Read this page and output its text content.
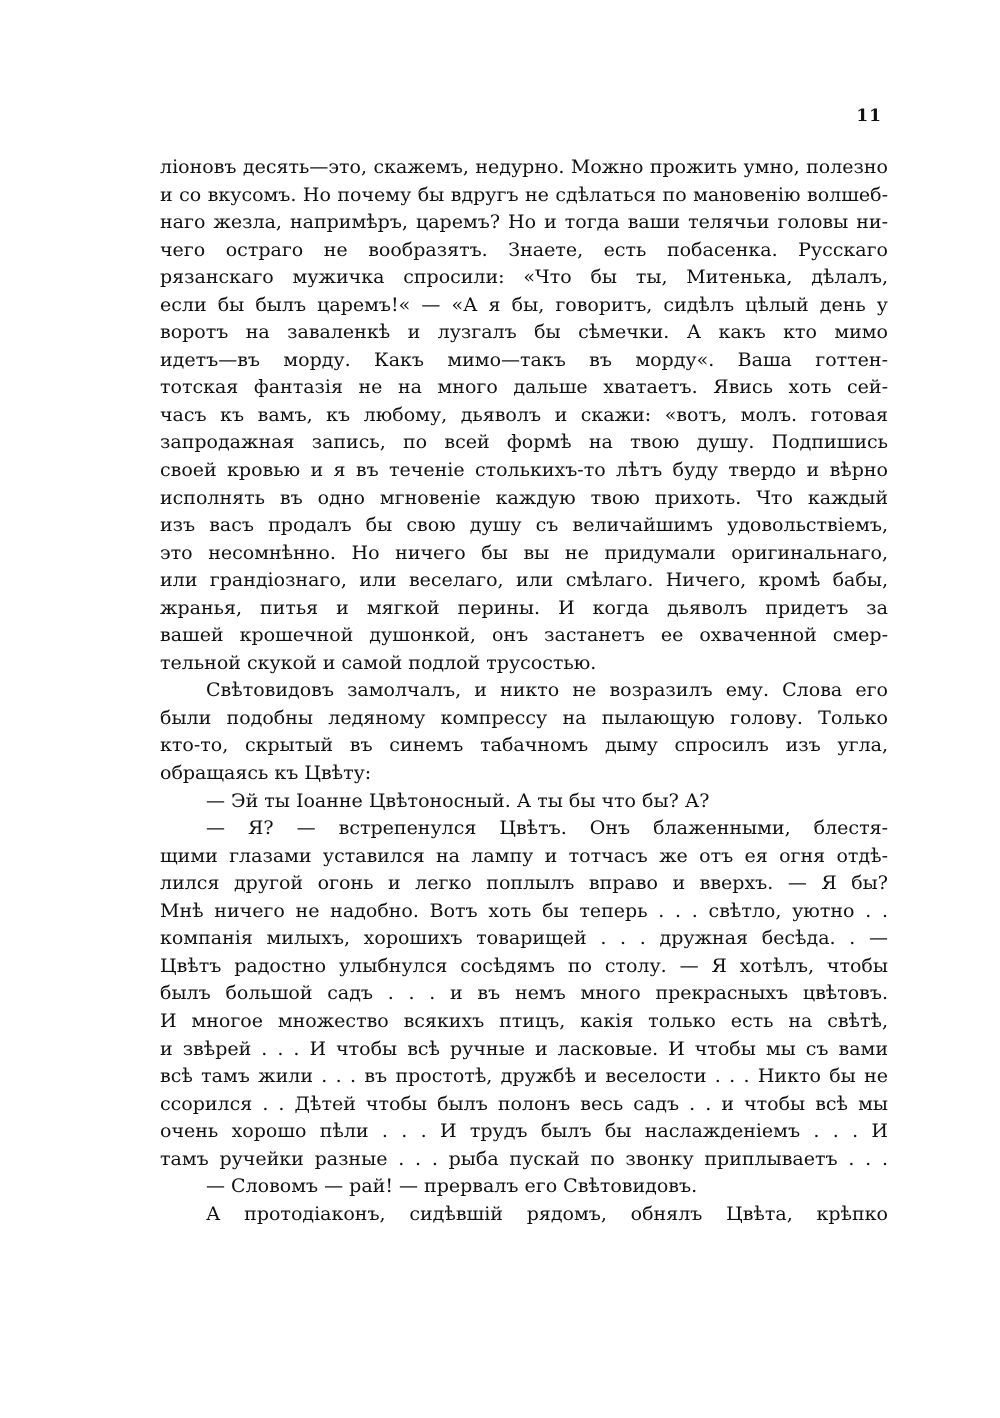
11
ліоновъ десять—это, скажемъ, недурно. Можно прожить умно, полезно
и со вкусомъ. Но почему бы вдругъ не сдѣлаться по мановенію волшеб-
наго жезла, напримѣръ, царемъ? Но и тогда ваши телячьи головы ни-
чего остраго не вообразятъ. Знаете, есть побасенка. Русскаго
рязанскаго мужичка спросили: «Что бы ты, Митенька, дѣлалъ,
если бы былъ царемъ!« — «А я бы, говоритъ, сидѣлъ цѣлый день у
воротъ на заваленкѣ и лузгалъ бы сѣмечки. А какъ кто мимо
идетъ—въ морду. Какъ мимо—такъ въ морду«. Ваша готтен-
тотская фантазія не на много дальше хватаетъ. Явись хоть сей-
часъ къ вамъ, къ любому, дьяволъ и скажи: «вотъ, молъ. готовая
запродажная запись, по всей формѣ на твою душу. Подпишись
своей кровью и я въ теченіе столькихъ-то лѣтъ буду твердо и вѣрно
исполнять въ одно мгновеніе каждую твою прихоть. Что каждый
изъ васъ продалъ бы свою душу съ величайшимъ удовольствіемъ,
это несомнѣнно. Но ничего бы вы не придумали оригинальнаго,
или грандіознаго, или веселаго, или смѣлаго. Ничего, кромѣ бабы,
жранья, питья и мягкой перины. И когда дьяволъ придетъ за
вашей крошечной душонкой, онъ застанетъ ее охваченной смер-
тельной скукой и самой подлой трусостью.
Свѣтовидовъ замолчалъ, и никто не возразилъ ему. Слова его
были подобны ледяному компрессу на пылающую голову. Только
кто-то, скрытый въ синемъ табачномъ дыму спросилъ изъ угла,
обращаясь къ Цвѣту:
— Эй ты Іоанне Цвѣтоносный. А ты бы что бы? А?
— Я? — встрепенулся Цвѣтъ. Онъ блаженными, блестя-
щими глазами уставился на лампу и тотчасъ же отъ ея огня отдѣ-
лился другой огонь и легко поплылъ вправо и вверхъ. — Я бы?
Мнѣ ничего не надобно. Вотъ хоть бы теперь . . . свѣтло, уютно . .
компанія милыхъ, хорошихъ товарищей . . . дружная бесѣда. . —
Цвѣтъ радостно улыбнулся сосѣдямъ по столу. — Я хотѣлъ, чтобы
былъ большой садъ . . . и въ немъ много прекрасныхъ цвѣтовъ.
И многое множество всякихъ птицъ, какія только есть на свѣтѣ,
и звѣрей . . . И чтобы всѣ ручные и ласковые. И чтобы мы съ вами
всѣ тамъ жили . . . въ простотѣ, дружбѣ и веселости . . . Никто бы не
ссорился . . Дѣтей чтобы былъ полонъ весь садъ . . и чтобы всѣ мы
очень хорошо пѣли . . . И трудъ былъ бы наслажденіемъ . . . И
тамъ ручейки разные . . . рыба пускай по звонку приплываетъ . . .
— Словомъ — рай! — прервалъ его Свѣтовидовъ.
А протодіаконъ, сидѣвшій рядомъ, обнялъ Цвѣта, крѣпко
